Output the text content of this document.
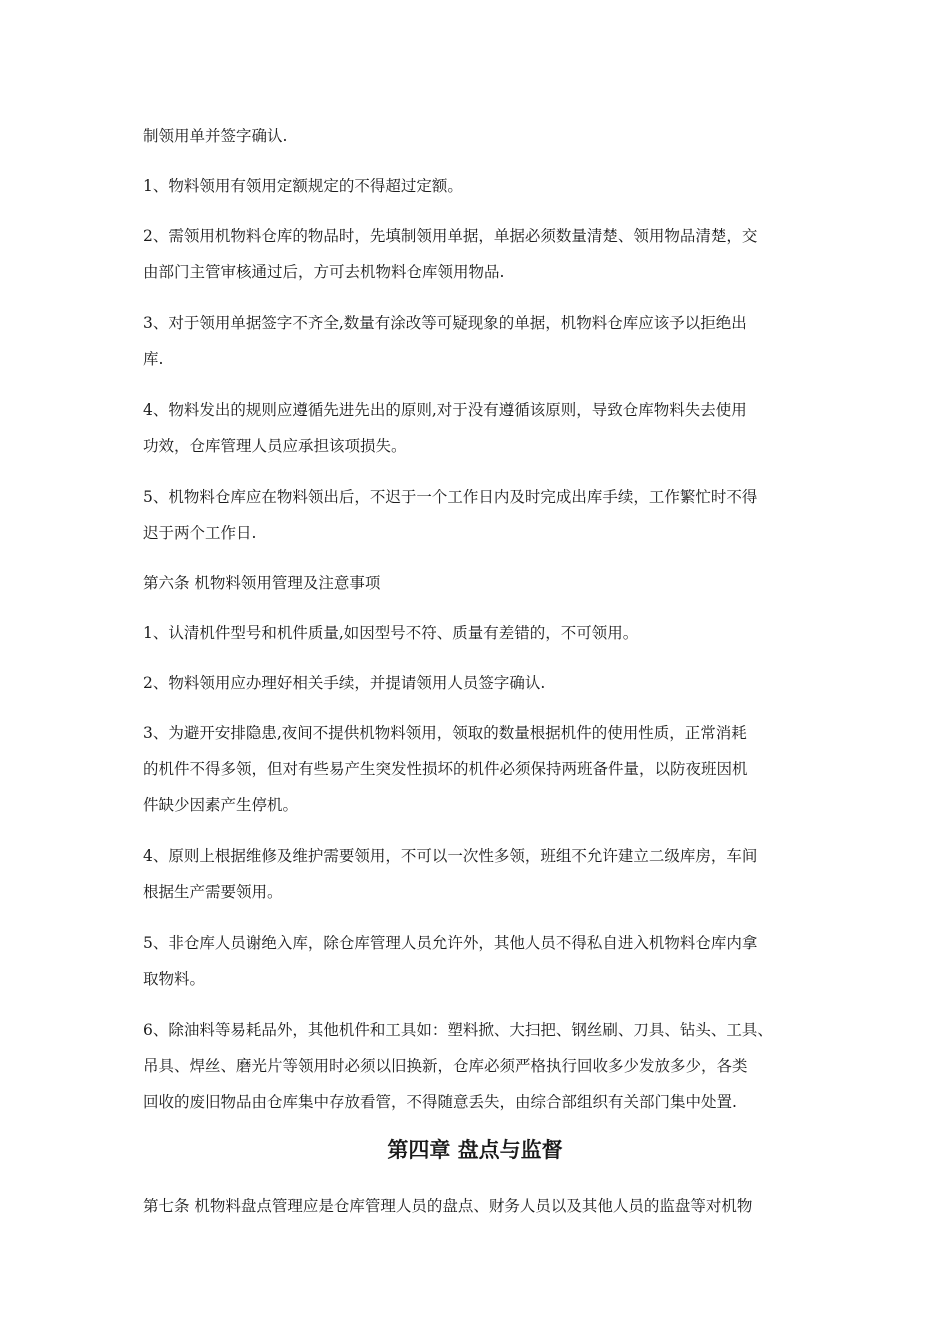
制领用单并签字确认.

1、物料领用有领用定额规定的不得超过定额。

2、需领用机物料仓库的物品时，先填制领用单据，单据必须数量清楚、领用物品清楚，交

由部门主管审核通过后，方可去机物料仓库领用物品.

3、对于领用单据签字不齐全,数量有涂改等可疑现象的单据，机物料仓库应该予以拒绝出

库.

4、物料发出的规则应遵循先进先出的原则,对于没有遵循该原则，导致仓库物料失去使用

功效，仓库管理人员应承担该项损失。

5、机物料仓库应在物料领出后，不迟于一个工作日内及时完成出库手续，工作繁忙时不得

迟于两个工作日.

第六条 机物料领用管理及注意事项

1、认清机件型号和机件质量,如因型号不符、质量有差错的，不可领用。

2、物料领用应办理好相关手续，并提请领用人员签字确认.

3、为避开安排隐患,夜间不提供机物料领用，领取的数量根据机件的使用性质，正常消耗

的机件不得多领，但对有些易产生突发性损坏的机件必须保持两班备件量，以防夜班因机

件缺少因素产生停机。

4、原则上根据维修及维护需要领用，不可以一次性多领，班组不允许建立二级库房，车间

根据生产需要领用。

5、非仓库人员谢绝入库，除仓库管理人员允许外，其他人员不得私自进入机物料仓库内拿

取物料。

6、除油料等易耗品外，其他机件和工具如：塑料掀、大扫把、钢丝刷、刀具、钻头、工具、

吊具、焊丝、磨光片等领用时必须以旧换新，仓库必须严格执行回收多少发放多少，各类

回收的废旧物品由仓库集中存放看管，不得随意丢失，由综合部组织有关部门集中处置.

第四章 盘点与监督

第七条 机物料盘点管理应是仓库管理人员的盘点、财务人员以及其他人员的监盘等对机物
